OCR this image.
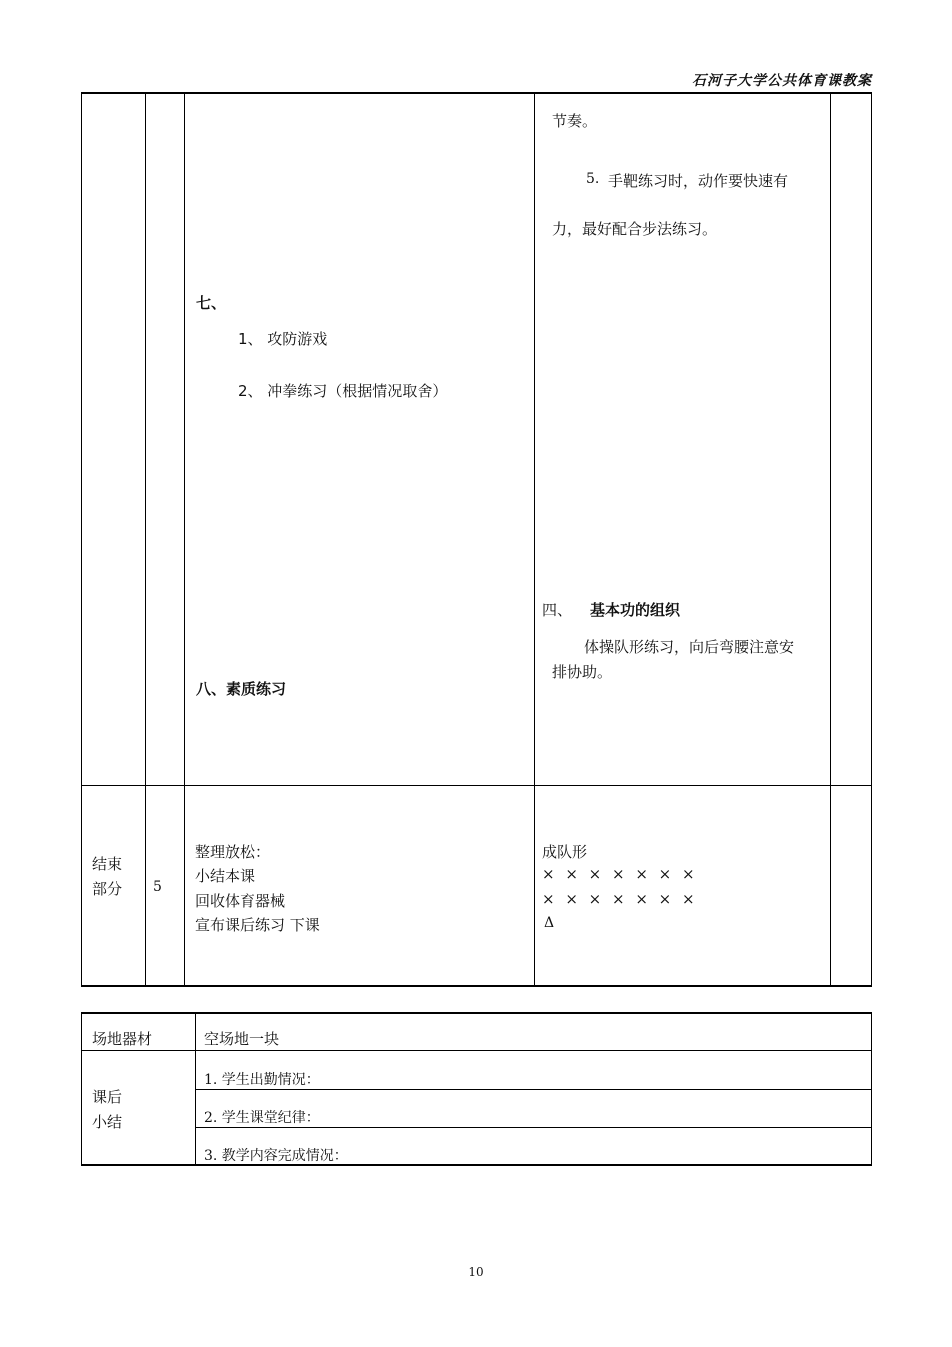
石河子大学公共体育课教案
七、
1、 攻防游戏
2、 冲拳练习（根据情况取舍）
八、素质练习
节奏。
5. 手靶练习时，动作要快速有
力，最好配合步法练习。
四、 基本功的组织
体操队形练习，向后弯腰注意安
排协助。
结束
部分 5
整理放松：
小结本课
回收体育器械
宣布课后练习 下课
成队形
× × × × × × ×
× × × × × × ×
Δ
场地器材	空场地一块
课后
小结
1. 学生出勤情况：
2. 学生课堂纪律：
3. 教学内容完成情况：
10
